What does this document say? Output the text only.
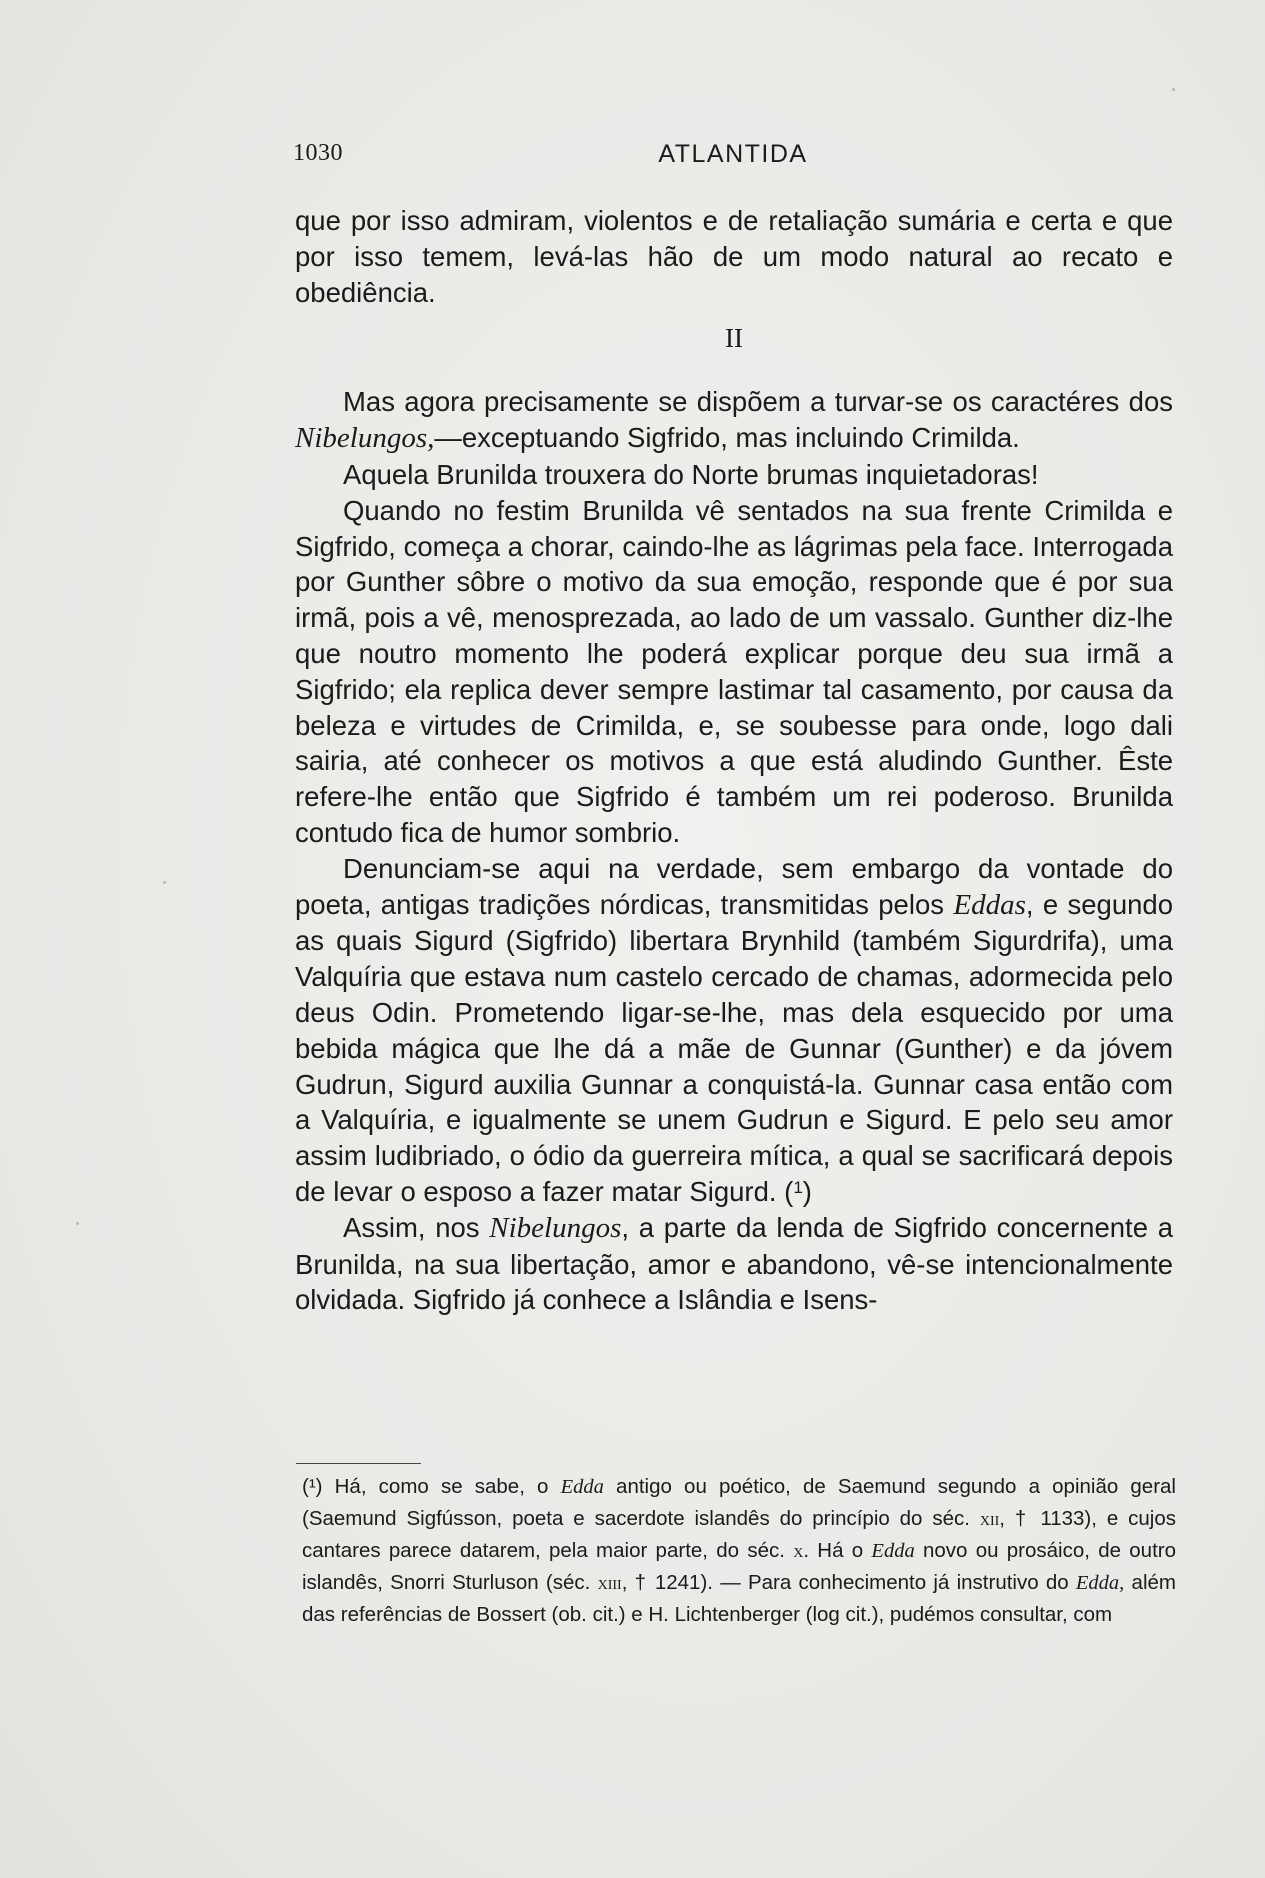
1030	ATLANTIDA

que por isso admiram, violentos e de retaliação sumária e certa e que por isso temem, levá-las hão de um modo natural ao recato e obediência.

II

Mas agora precisamente se dispõem a turvar-se os caractéres dos Nibelungos,—exceptuando Sigfrido, mas incluindo Crimilda.

Aquela Brunilda trouxera do Norte brumas inquietadoras!

Quando no festim Brunilda vê sentados na sua frente Crimilda e Sigfrido, começa a chorar, caindo-lhe as lágrimas pela face. Interrogada por Gunther sôbre o motivo da sua emoção, responde que é por sua irmã, pois a vê, menosprezada, ao lado de um vassalo. Gunther diz-lhe que noutro momento lhe poderá explicar porque deu sua irmã a Sigfrido; ela replica dever sempre lastimar tal casamento, por causa da beleza e virtudes de Crimilda, e, se soubesse para onde, logo dali sairia, até conhecer os motivos a que está aludindo Gunther. Êste refere-lhe então que Sigfrido é também um rei poderoso. Brunilda contudo fica de humor sombrio.

Denunciam-se aqui na verdade, sem embargo da vontade do poeta, antigas tradições nórdicas, transmitidas pelos Eddas, e segundo as quais Sigurd (Sigfrido) libertara Brynhild (também Sigurdrifa), uma Valquíria que estava num castelo cercado de chamas, adormecida pelo deus Odin. Prometendo ligar-se-lhe, mas dela esquecido por uma bebida mágica que lhe dá a mãe de Gunnar (Gunther) e da jóvem Gudrun, Sigurd auxilia Gunnar a conquistá-la. Gunnar casa então com a Valquíria, e igualmente se unem Gudrun e Sigurd. E pelo seu amor assim ludibriado, o ódio da guerreira mítica, a qual se sacrificará depois de levar o esposo a fazer matar Sigurd. ($^1$)

Assim, nos Nibelungos, a parte da lenda de Sigfrido concernente a Brunilda, na sua libertação, amor e abandono, vê-se intencionalmente olvidada. Sigfrido já conhece a Islândia e Isens-

(¹) Há, como se sabe, o Edda antigo ou poético, de Saemund segundo a opinião geral (Saemund Sigfússon, poeta e sacerdote islandês do princípio do séc. xii, † 1133), e cujos cantares parece datarem, pela maior parte, do séc. x. Há o Edda novo ou prosáico, de outro islandês, Snorri Sturluson (séc. xiii, † 1241). — Para conhecimento já instrutivo do Edda, além das referências de Bossert (ob. cit.) e H. Lichtenberger (log cit.), pudémos consultar, com
